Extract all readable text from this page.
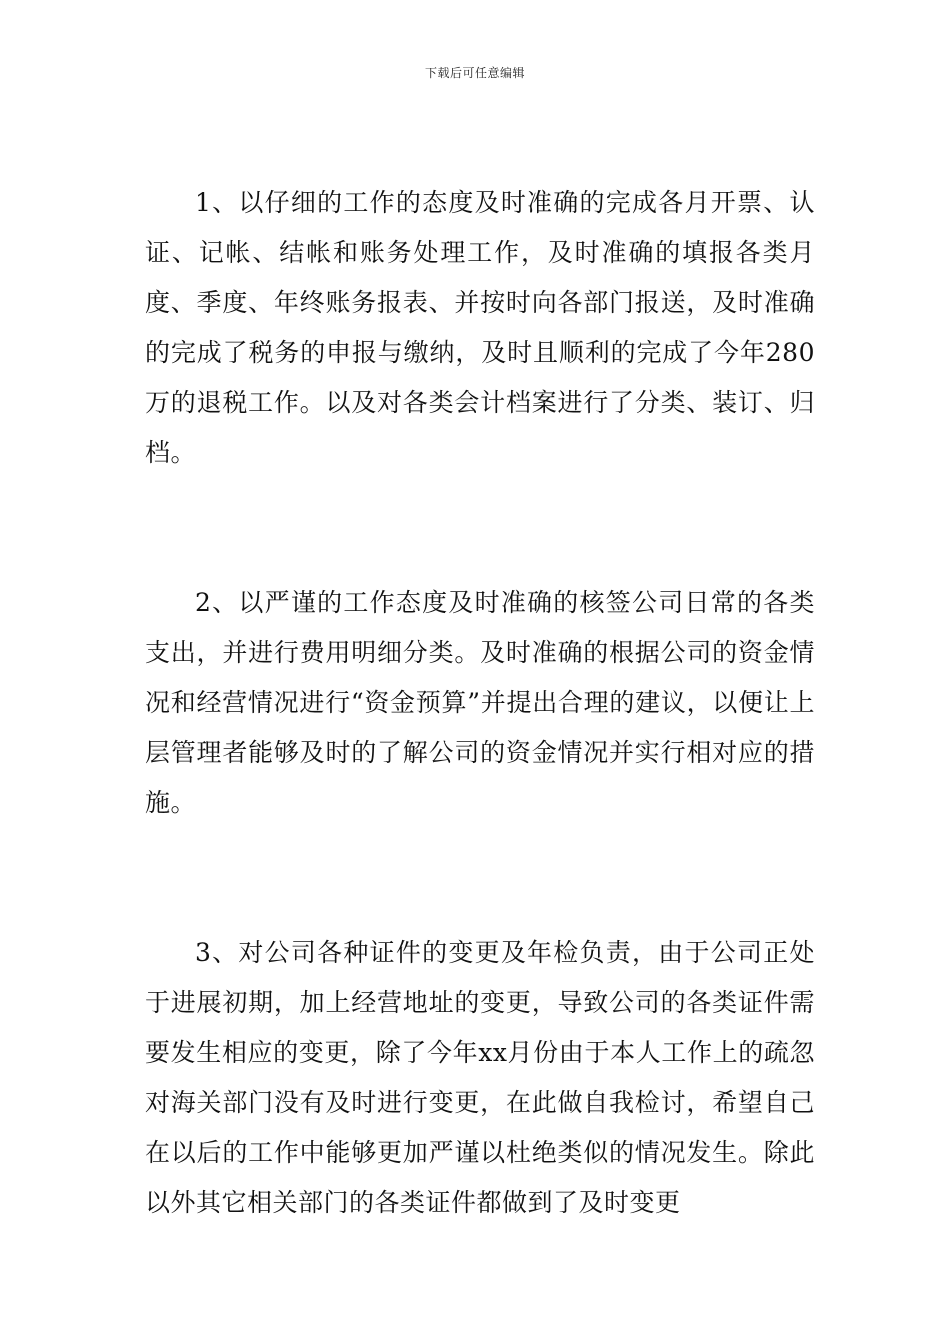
下载后可任意编辑

1、以仔细的工作的态度及时准确的完成各月开票、认证、记帐、结帐和账务处理工作，及时准确的填报各类月度、季度、年终账务报表、并按时向各部门报送，及时准确的完成了税务的申报与缴纳，及时且顺利的完成了今年280万的退税工作。以及对各类会计档案进行了分类、装订、归档。

2、以严谨的工作态度及时准确的核签公司日常的各类支出，并进行费用明细分类。及时准确的根据公司的资金情况和经营情况进行“资金预算”并提出合理的建议，以便让上层管理者能够及时的了解公司的资金情况并实行相对应的措施。

3、对公司各种证件的变更及年检负责，由于公司正处于进展初期，加上经营地址的变更，导致公司的各类证件需要发生相应的变更，除了今年xx月份由于本人工作上的疏忽对海关部门没有及时进行变更，在此做自我检讨，希望自己在以后的工作中能够更加严谨以杜绝类似的情况发生。除此以外其它相关部门的各类证件都做到了及时变更
